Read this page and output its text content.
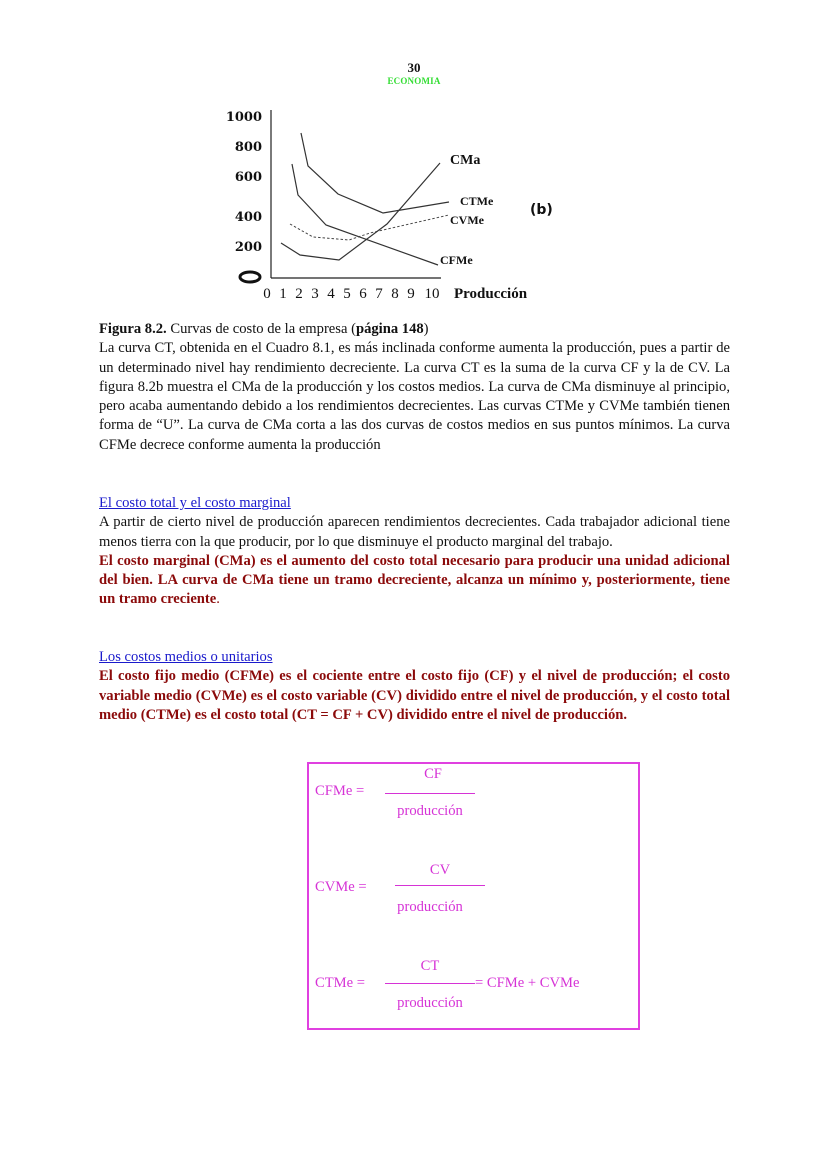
30
ECONOMIA
1000
800
600
400
200
0 1 2 3 4 5 6 7 8 9 10 Producción
CMa
CTMe
CVMe
CFMe
(b)
Figura 8.2. Curvas de costo de la empresa (página 148)
La curva CT, obtenida en el Cuadro 8.1, es más inclinada conforme aumenta la producción, pues a partir de un determinado nivel hay rendimiento decreciente. La curva CT es la suma de la curva CF y la de CV. La figura 8.2b muestra el CMa de la producción y los costos medios. La curva de CMa disminuye al principio, pero acaba aumentando debido a los rendimientos decrecientes. Las curvas CTMe y CVMe también tienen forma de “U”. La curva de CMa corta a las dos curvas de costos medios en sus puntos mínimos. La curva CFMe decrece conforme aumenta la producción
El costo total y el costo marginal
A partir de cierto nivel de producción aparecen rendimientos decrecientes. Cada trabajador adicional tiene menos tierra con la que producir, por lo que disminuye el producto marginal del trabajo.
El costo marginal (CMa) es el aumento del costo total necesario para producir una unidad adicional del bien. LA curva de CMa tiene un tramo decreciente, alcanza un mínimo y, posteriormente, tiene un tramo creciente.
Los costos medios o unitarios
El costo fijo medio (CFMe) es el cociente entre el costo fijo (CF) y el nivel de producción; el costo variable medio (CVMe) es el costo variable (CV) dividido entre el nivel de producción, y el costo total medio (CTMe) es el costo total (CT = CF + CV) dividido entre el nivel de producción.
CFMe =
CF
producción
CVMe =
CV
producción
CTMe =
CT
producción
= CFMe + CVMe
